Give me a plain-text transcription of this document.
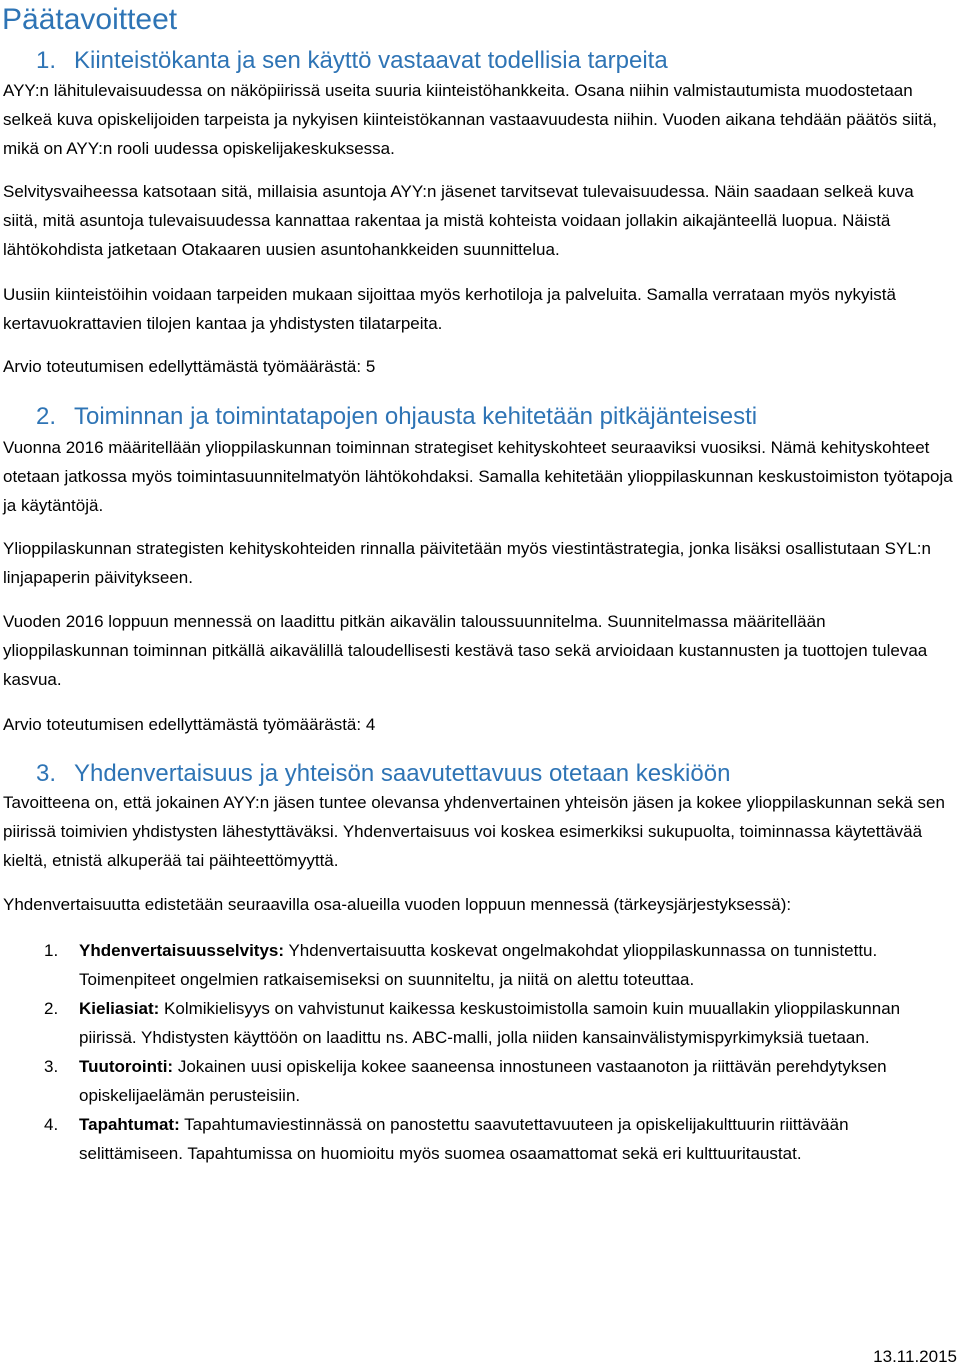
Päätavoitteet
1. Kiinteistökanta ja sen käyttö vastaavat todellisia tarpeita
AYY:n lähitulevaisuudessa on näköpiirissä useita suuria kiinteistöhankkeita. Osana niihin valmistautumista muodostetaan selkeä kuva opiskelijoiden tarpeista ja nykyisen kiinteistökannan vastaavuudesta niihin. Vuoden aikana tehdään päätös siitä, mikä on AYY:n rooli uudessa opiskelijakeskuksessa.
Selvitysvaiheessa katsotaan sitä, millaisia asuntoja AYY:n jäsenet tarvitsevat tulevaisuudessa. Näin saadaan selkeä kuva siitä, mitä asuntoja tulevaisuudessa kannattaa rakentaa ja mistä kohteista voidaan jollakin aikajänteellä luopua. Näistä lähtökohdista jatketaan Otakaaren uusien asuntohankkeiden suunnittelua.
Uusiin kiinteistöihin voidaan tarpeiden mukaan sijoittaa myös kerhotiloja ja palveluita. Samalla verrataan myös nykyistä kertavuokrattavien tilojen kantaa ja yhdistysten tilatarpeita.
Arvio toteutumisen edellyttämästä työmäärästä: 5
2. Toiminnan ja toimintatapojen ohjausta kehitetään pitkäjänteisesti
Vuonna 2016 määritellään ylioppilaskunnan toiminnan strategiset kehityskohteet seuraaviksi vuosiksi. Nämä kehityskohteet otetaan jatkossa myös toimintasuunnitelmatyön lähtökohdaksi. Samalla kehitetään ylioppilaskunnan keskustoimiston työtapoja ja käytäntöjä.
Ylioppilaskunnan strategisten kehityskohteiden rinnalla päivitetään myös viestintästrategia, jonka lisäksi osallistutaan SYL:n linjapaperin päivitykseen.
Vuoden 2016 loppuun mennessä on laadittu pitkän aikavälin taloussuunnitelma. Suunnitelmassa määritellään ylioppilaskunnan toiminnan pitkällä aikavälillä taloudellisesti kestävä taso sekä arvioidaan kustannusten ja tuottojen tulevaa kasvua.
Arvio toteutumisen edellyttämästä työmäärästä: 4
3. Yhdenvertaisuus ja yhteisön saavutettavuus otetaan keskiöön
Tavoitteena on, että jokainen AYY:n jäsen tuntee olevansa yhdenvertainen yhteisön jäsen ja kokee ylioppilaskunnan sekä sen piirissä toimivien yhdistysten lähestyttäväksi. Yhdenvertaisuus voi koskea esimerkiksi sukupuolta, toiminnassa käytettävää kieltä, etnistä alkuperää tai päihteettömyyttä.
Yhdenvertaisuutta edistetään seuraavilla osa-alueilla vuoden loppuun mennessä (tärkeysjärjestyksessä):
1. Yhdenvertaisuusselvitys: Yhdenvertaisuutta koskevat ongelmakohdat ylioppilaskunnassa on tunnistettu. Toimenpiteet ongelmien ratkaisemiseksi on suunniteltu, ja niitä on alettu toteuttaa.
2. Kieliasiat: Kolmikielisyys on vahvistunut kaikessa keskustoimistolla samoin kuin muuallakin ylioppilaskunnan piirissä. Yhdistysten käyttöön on laadittu ns. ABC-malli, jolla niiden kansainvälistymispyrkimyksiä tuetaan.
3. Tuutorointi: Jokainen uusi opiskelija kokee saaneensa innostuneen vastaanoton ja riittävän perehdytyksen opiskelijaelämän perusteisiin.
4. Tapahtumat: Tapahtumaviestinnässä on panostettu saavutettavuuteen ja opiskelijakulttuurin riittävään selittämiseen. Tapahtumissa on huomioitu myös suomea osaamattomat sekä eri kulttuuritaustat.
13.11.2015
